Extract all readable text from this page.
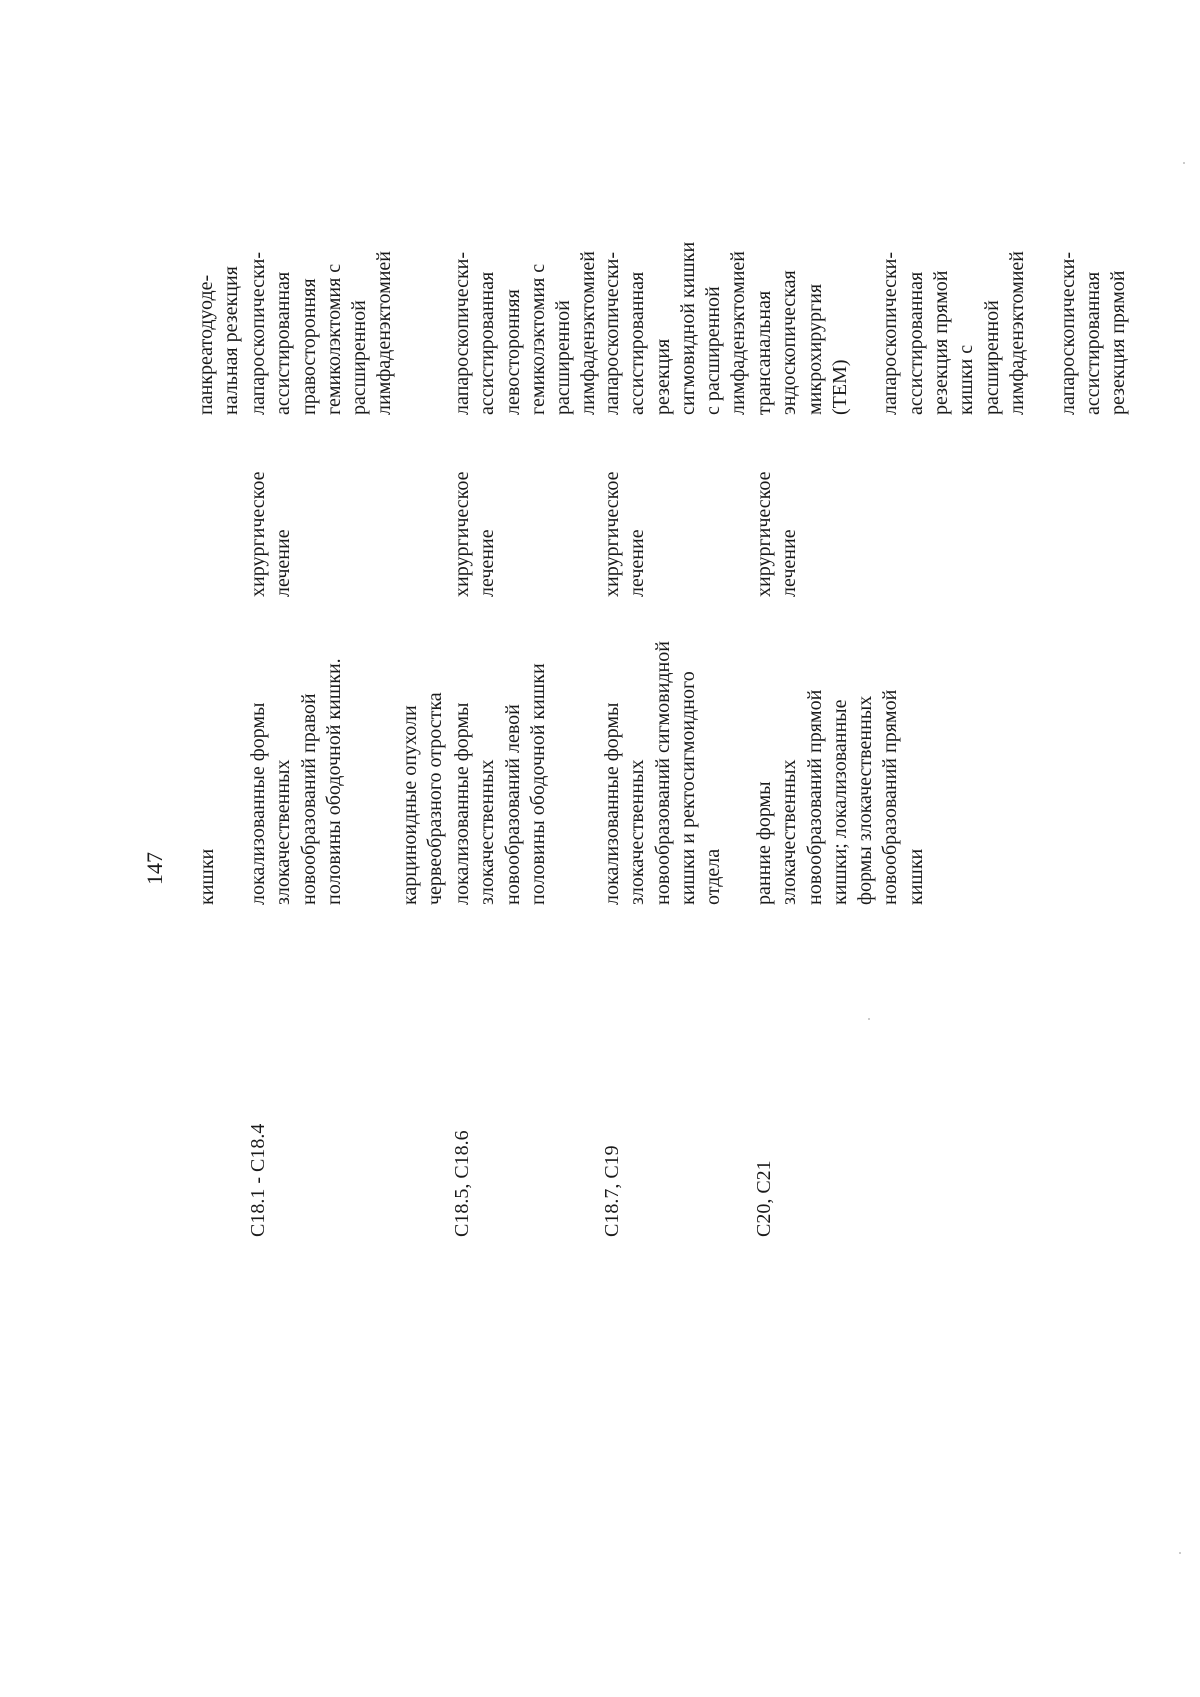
147 кишки

панкреатодуоде-
нальная резекция

C18.1 - C18.4

локализованные формы
злокачественных
новообразований правой
половины ободочной кишки.

карциноидные опухоли
червеобразного отростка

хирургическое
лечение

лапароскопически-
ассистированная
правосторонняя
гемиколэктомия с
расширенной
лимфаденэктомией

C18.5, C18.6

локализованные формы
злокачественных
новообразований левой
половины ободочной кишки

хирургическое
лечение

лапароскопически-
ассистированная
левосторонняя
гемиколэктомия с
расширенной
лимфаденэктомией

C18.7, C19

локализованные формы
злокачественных
новообразований сигмовидной
кишки и ректосигмоидного
отдела

хирургическое
лечение

лапароскопически-
ассистированная
резекция
сигмовидной кишки
с расширенной
лимфаденэктомией

C20, C21

ранние формы
злокачественных
новообразований прямой
кишки; локализованные
формы злокачественных
новообразований прямой
кишки

хирургическое
лечение

трансанальная
эндоскопическая
микрохирургия
(TEM)

лапароскопически-
ассистированная
резекция прямой
кишки с
расширенной
лимфаденэктомией

лапароскопически-
ассистированная
резекция прямой
